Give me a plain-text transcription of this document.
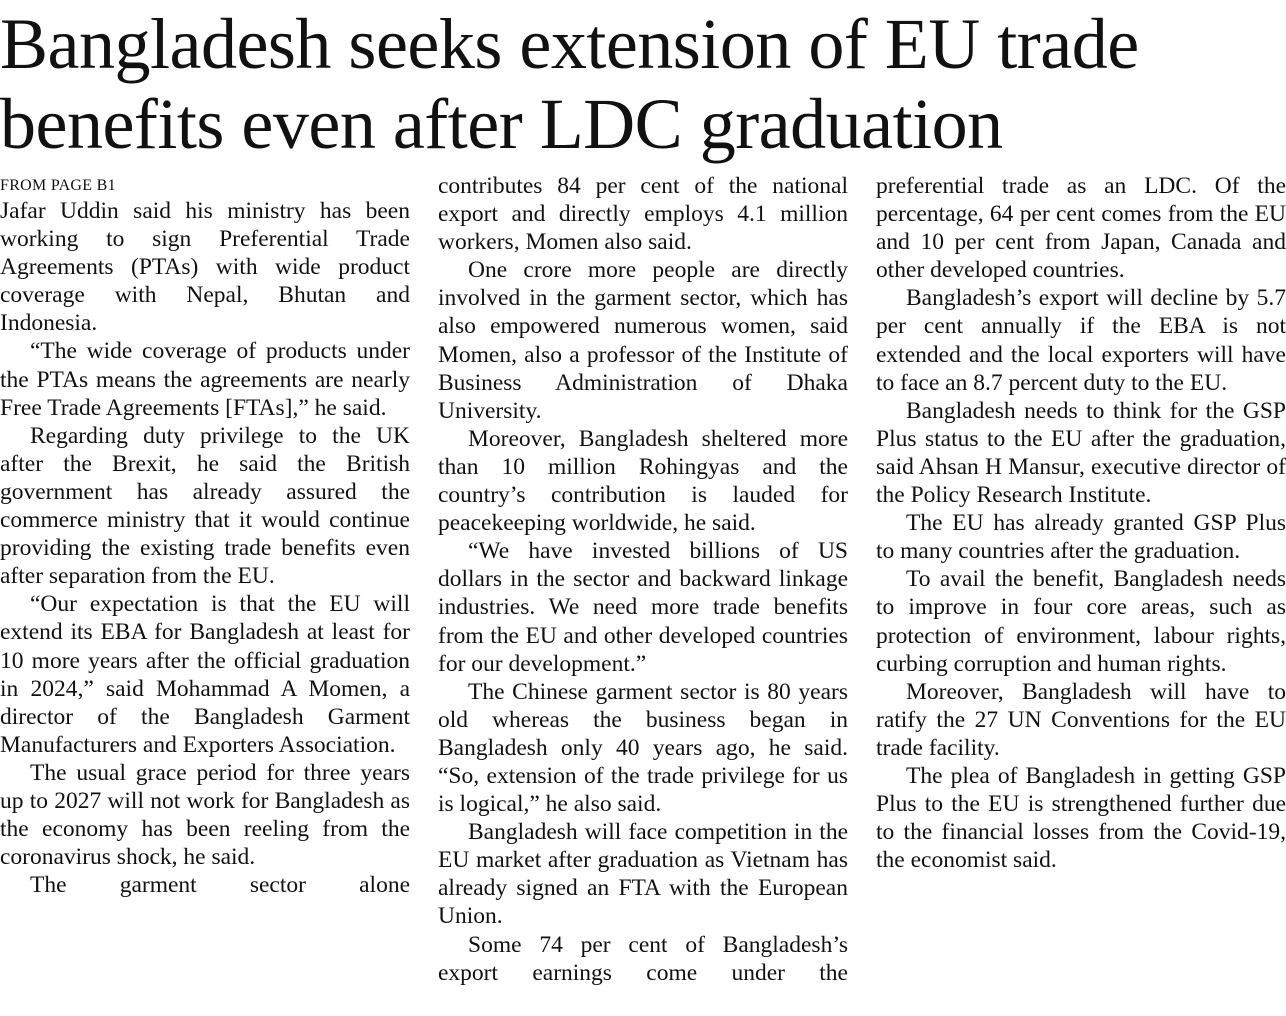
Bangladesh seeks extension of EU trade
benefits even after LDC graduation
FROM PAGE B1

Jafar Uddin said his ministry has been working to sign Preferential Trade Agreements (PTAs) with wide product coverage with Nepal, Bhutan and Indonesia.

“The wide coverage of products under the PTAs means the agreements are nearly Free Trade Agreements [FTAs],” he said.

Regarding duty privilege to the UK after the Brexit, he said the British government has already assured the commerce ministry that it would continue providing the existing trade benefits even after separation from the EU.

“Our expectation is that the EU will extend its EBA for Bangladesh at least for 10 more years after the official graduation in 2024,” said Mohammad A Momen, a director of the Bangladesh Garment Manufacturers and Exporters Association.

The usual grace period for three years up to 2027 will not work for Bangladesh as the economy has been reeling from the coronavirus shock, he said.

The garment sector alone

contributes 84 per cent of the national export and directly employs 4.1 million workers, Momen also said.

One crore more people are directly involved in the garment sector, which has also empowered numerous women, said Momen, also a professor of the Institute of Business Administration of Dhaka University.

Moreover, Bangladesh sheltered more than 10 million Rohingyas and the country’s contribution is lauded for peacekeeping worldwide, he said.

“We have invested billions of US dollars in the sector and backward linkage industries. We need more trade benefits from the EU and other developed countries for our development.”

The Chinese garment sector is 80 years old whereas the business began in Bangladesh only 40 years ago, he said. “So, extension of the trade privilege for us is logical,” he also said.

Bangladesh will face competition in the EU market after graduation as Vietnam has already signed an FTA with the European Union.

Some 74 per cent of Bangladesh’s export earnings come under the

preferential trade as an LDC. Of the percentage, 64 per cent comes from the EU and 10 per cent from Japan, Canada and other developed countries.

Bangladesh’s export will decline by 5.7 per cent annually if the EBA is not extended and the local exporters will have to face an 8.7 percent duty to the EU.

Bangladesh needs to think for the GSP Plus status to the EU after the graduation, said Ahsan H Mansur, executive director of the Policy Research Institute.

The EU has already granted GSP Plus to many countries after the graduation.

To avail the benefit, Bangladesh needs to improve in four core areas, such as protection of environment, labour rights, curbing corruption and human rights.

Moreover, Bangladesh will have to ratify the 27 UN Conventions for the EU trade facility.

The plea of Bangladesh in getting GSP Plus to the EU is strengthened further due to the financial losses from the Covid-19, the economist said.
